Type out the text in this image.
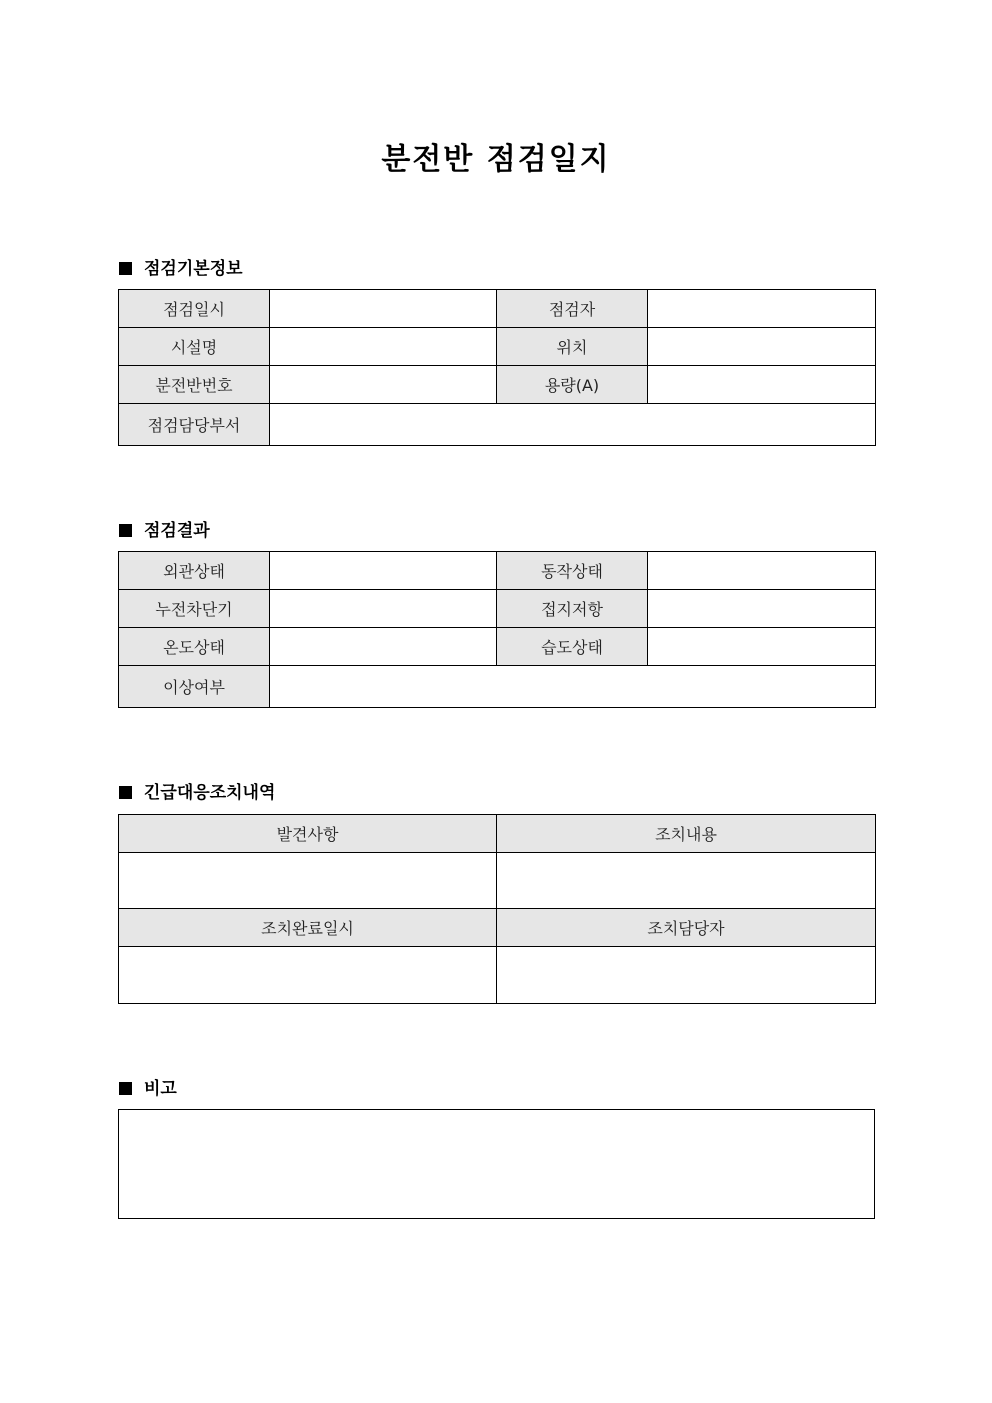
분전반 점검일지
점검기본정보
점검일시		점검자	
시설명		위치	
분전반번호		용량(A)	
점검담당부서			
점검결과
외관상태		동작상태	
누전차단기		접지저항	
온도상태		습도상태	
이상여부			
긴급대응조치내역
발견사항	조치내용

조치완료일시	조치담당자

비고
